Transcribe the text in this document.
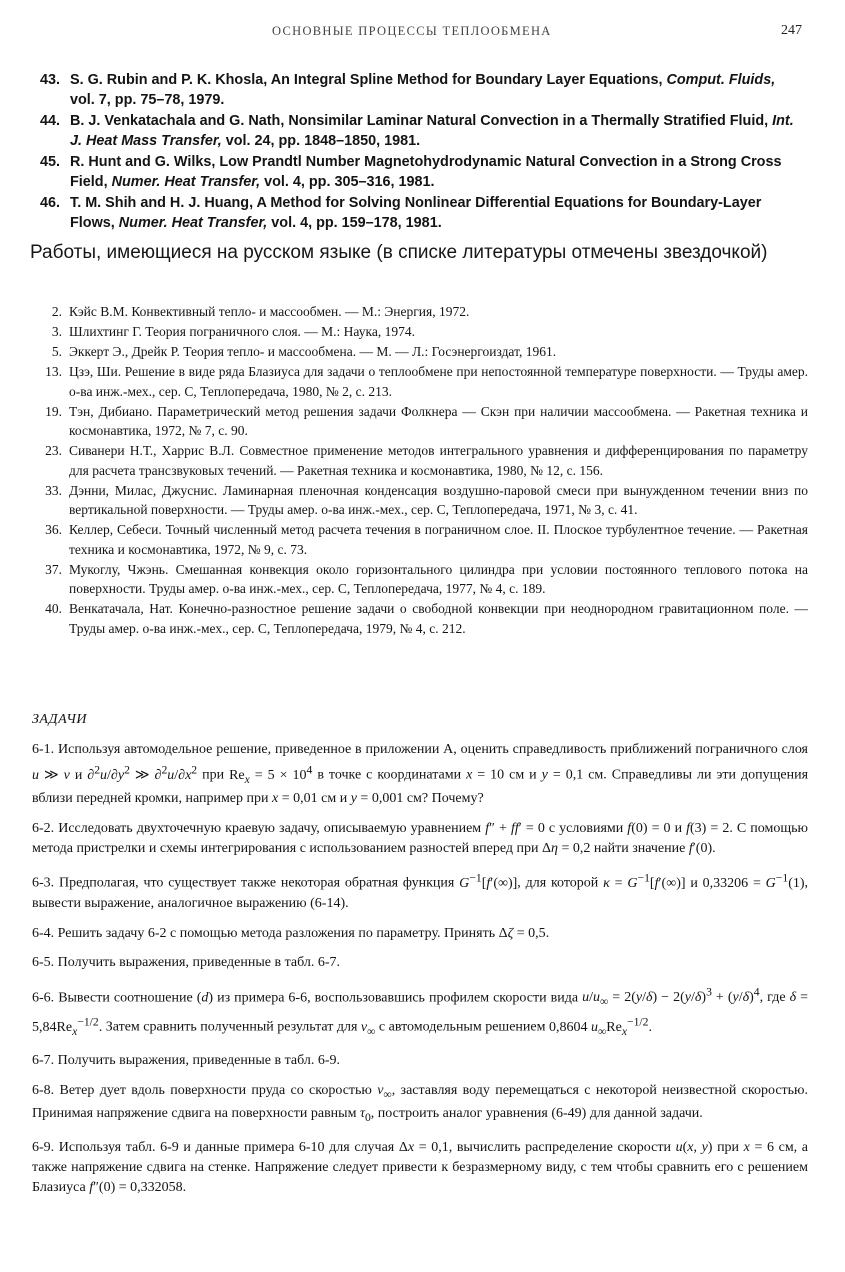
ОСНОВНЫЕ ПРОЦЕССЫ ТЕПЛООБМЕНА	247
43. S. G. Rubin and P. K. Khosla, An Integral Spline Method for Boundary Layer Equations, Comput. Fluids, vol. 7, pp. 75–78, 1979.
44. B. J. Venkatachala and G. Nath, Nonsimilar Laminar Natural Convection in a Thermally Stratified Fluid, Int. J. Heat Mass Transfer, vol. 24, pp. 1848–1850, 1981.
45. R. Hunt and G. Wilks, Low Prandtl Number Magnetohydrodynamic Natural Convection in a Strong Cross Field, Numer. Heat Transfer, vol. 4, pp. 305–316, 1981.
46. T. M. Shih and H. J. Huang, A Method for Solving Nonlinear Differential Equations for Boundary-Layer Flows, Numer. Heat Transfer, vol. 4, pp. 159–178, 1981.
Работы, имеющиеся на русском языке (в списке литературы отмечены звездочкой)
2. Кэйс В.М. Конвективный тепло- и массообмен. — М.: Энергия, 1972.
3. Шлихтинг Г. Теория пограничного слоя. — М.: Наука, 1974.
5. Эккерт Э., Дрейк Р. Теория тепло- и массообмена. — М. — Л.: Госэнергоиздат, 1961.
13. Цзэ, Ши. Решение в виде ряда Блазиуса для задачи о теплообмене при непостоянной температуре поверхности. — Труды амер. о-ва инж.-мех., сер. С, Теплопередача, 1980, № 2, с. 213.
19. Тэн, Дибиано. Параметрический метод решения задачи Фолкнера — Скэн при наличии массообмена. — Ракетная техника и космонавтика, 1972, № 7, с. 90.
23. Сиванери Н.Т., Харрис В.Л. Совместное применение методов интегрального уравнения и дифференцирования по параметру для расчета трансзвуковых течений. — Ракетная техника и космонавтика, 1980, № 12, с. 156.
33. Дэнни, Милас, Джуснис. Ламинарная пленочная конденсация воздушно-паровой смеси при вынужденном течении вниз по вертикальной поверхности. — Труды амер. о-ва инж.-мех., сер. С, Теплопередача, 1971, № 3, с. 41.
36. Келлер, Себеси. Точный численный метод расчета течения в пограничном слое. II. Плоское турбулентное течение. — Ракетная техника и космонавтика, 1972, № 9, с. 73.
37. Мукоглу, Чжэнь. Смешанная конвекция около горизонтального цилиндра при условии постоянного теплового потока на поверхности. Труды амер. о-ва инж.-мех., сер. С, Теплопередача, 1977, № 4, с. 189.
40. Венкатачала, Нат. Конечно-разностное решение задачи о свободной конвекции при неоднородном гравитационном поле. — Труды амер. о-ва инж.-мех., сер. С, Теплопередача, 1979, № 4, с. 212.
ЗАДАЧИ
6-1. Используя автомодельное решение, приведенное в приложении А, оценить справедливость приближений пограничного слоя u ≫ v и $\partial^2u/\partial y^2$ ≫ $\partial^2u/\partial x^2$ при $Re_x = 5 \times 10^4$ в точке с координатами x = 10 см и y = 0,1 см. Справедливы ли эти допущения вблизи передней кромки, например при x = 0,01 см и y = 0,001 см? Почему?
6-2. Исследовать двухточечную краевую задачу, описываемую уравнением f″ + ff′ = 0 с условиями f(0) = 0 и f(3) = 2. С помощью метода пристрелки и схемы интегрирования с использованием разностей вперед при Δη = 0,2 найти значение f′(0).
6-3. Предполагая, что существует также некоторая обратная функция $G^{-1}[f'(\infty)]$, для которой $\kappa = G^{-1}[f'(\infty)]$ и $0,33206 = G^{-1}(1)$, вывести выражение, аналогичное выражению (6-14).
6-4. Решить задачу 6-2 с помощью метода разложения по параметру. Принять Δζ = 0,5.
6-5. Получить выражения, приведенные в табл. 6-7.
6-6. Вывести соотношение (d) из примера 6-6, воспользовавшись профилем скорости вида $u/u_\infty = 2(y/\delta) - 2(y/\delta)^3 + (y/\delta)^4$, где $\delta = 5,84Re_x^{-1/2}$. Затем сравнить полученный результат для $v_\infty$ с автомодельным решением 0,8604 $u_\infty Re_x^{-1/2}$.
6-7. Получить выражения, приведенные в табл. 6-9.
6-8. Ветер дует вдоль поверхности пруда со скоростью $v_\infty$, заставляя воду перемещаться с некоторой неизвестной скоростью. Принимая напряжение сдвига на поверхности равным $\tau_0$, построить аналог уравнения (6-49) для данной задачи.
6-9. Используя табл. 6-9 и данные примера 6-10 для случая Δx = 0,1, вычислить распределение скорости u(x, y) при x = 6 см, а также напряжение сдвига на стенке. Напряжение следует привести к безразмерному виду, с тем чтобы сравнить его с решением Блазиуса f″(0) = 0,332058.
